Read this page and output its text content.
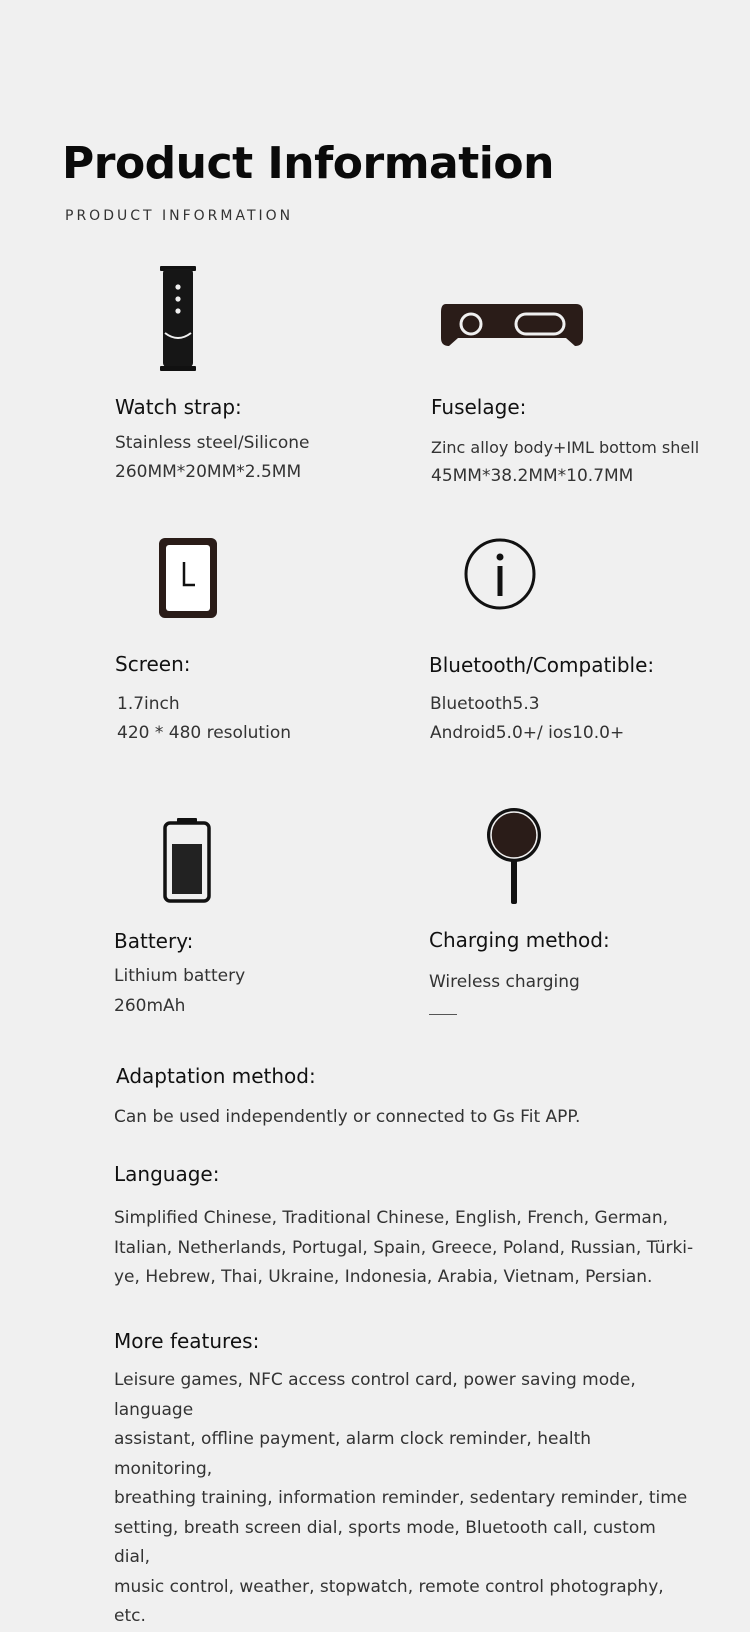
Product Information
PRODUCT INFORMATION
Watch strap:
Stainless steel/Silicone
260MM*20MM*2.5MM
Fuselage:
Zinc alloy body+IML bottom shell
45MM*38.2MM*10.7MM
Screen:
1.7inch
420 * 480 resolution
Bluetooth/Compatible:
Bluetooth5.3
Android5.0+/ ios10.0+
Battery:
Lithium battery
260mAh
Charging method:
Wireless charging
Adaptation method:
Can be used independently or connected to Gs Fit APP.
Language:
Simplified Chinese, Traditional Chinese, English, French, German,
Italian, Netherlands, Portugal, Spain, Greece, Poland, Russian, Türki-
ye, Hebrew, Thai, Ukraine, Indonesia, Arabia, Vietnam, Persian.
More features:
Leisure games, NFC access control card, power saving mode, language
assistant, offline payment, alarm clock reminder, health monitoring,
breathing training, information reminder, sedentary reminder, time
setting, breath screen dial, sports mode, Bluetooth call, custom dial,
music control, weather, stopwatch, remote control photography, etc.
